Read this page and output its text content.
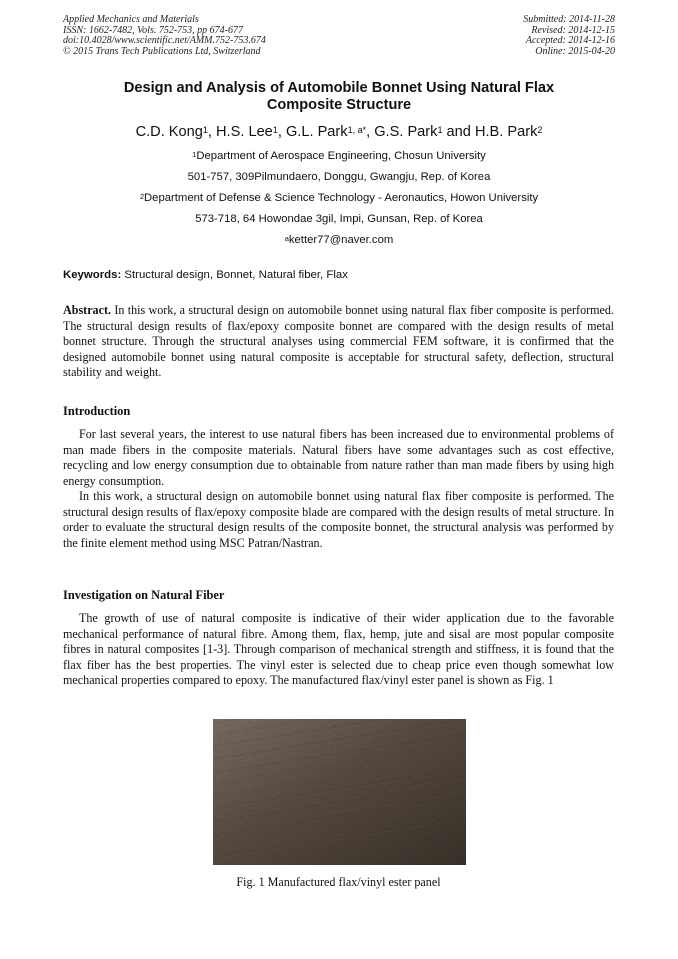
Applied Mechanics and Materials
ISSN: 1662-7482, Vols. 752-753, pp 674-677
doi:10.4028/www.scientific.net/AMM.752-753.674
© 2015 Trans Tech Publications Ltd, Switzerland
Submitted: 2014-11-28
Revised: 2014-12-15
Accepted: 2014-12-16
Online: 2015-04-20
Design and Analysis of Automobile Bonnet Using Natural Flax
Composite Structure
C.D. Kong$^1$, H.S. Lee$^1$, G.L. Park$^{1, a*}$, G.S. Park$^1$ and H.B. Park$^2$
$^1$Department of Aerospace Engineering, Chosun University
501-757, 309Pilmundaero, Donggu, Gwangju, Rep. of Korea
$^2$Department of Defense & Science Technology - Aeronautics, Howon University
573-718, 64 Howondae 3gil, Impi, Gunsan, Rep. of Korea
$^a$ketter77@naver.com
Keywords: Structural design, Bonnet, Natural fiber, Flax
Abstract. In this work, a structural design on automobile bonnet using natural flax fiber composite is performed. The structural design results of flax/epoxy composite bonnet are compared with the design results of metal bonnet structure. Through the structural analyses using commercial FEM software, it is confirmed that the designed automobile bonnet using natural composite is acceptable for structural safety, deflection, structural stability and weight.
Introduction
For last several years, the interest to use natural fibers has been increased due to environmental problems of man made fibers in the composite materials. Natural fibers have some advantages such as cost effective, recycling and low energy consumption due to obtainable from nature rather than man made fibers by using high energy consumption.
In this work, a structural design on automobile bonnet using natural flax fiber composite is performed. The structural design results of flax/epoxy composite blade are compared with the design results of metal structure. In order to evaluate the structural design results of the composite bonnet, the structural analysis was performed by the finite element method using MSC Patran/Nastran.
Investigation on Natural Fiber
The growth of use of natural composite is indicative of their wider application due to the favorable mechanical performance of natural fibre. Among them, flax, hemp, jute and sisal are most popular composite fibres in natural composites [1-3]. Through comparison of mechanical strength and stiffness, it is found that the flax fiber has the best properties. The vinyl ester is selected due to cheap price even though somewhat low mechanical properties compared to epoxy. The manufactured flax/vinyl ester panel is shown as Fig. 1
Fig. 1 Manufactured flax/vinyl ester panel
